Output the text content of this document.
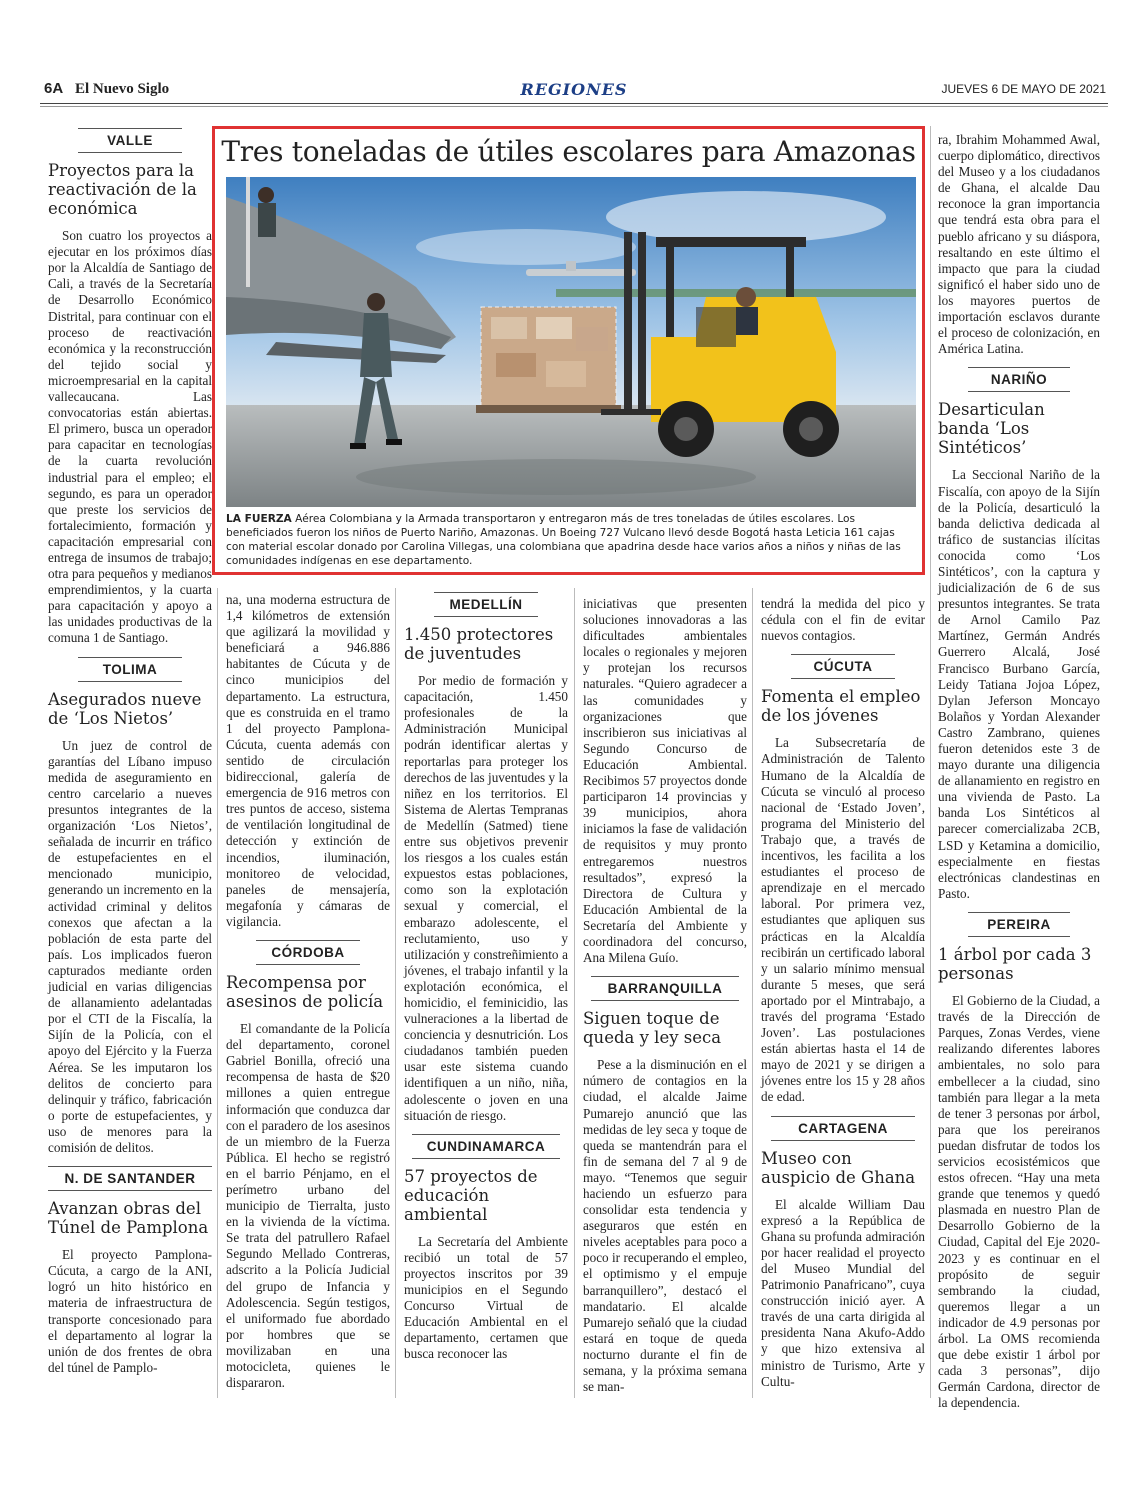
6A El Nuevo Siglo	REGIONES	JUEVES 6 DE MAYO DE 2021
Tres toneladas de útiles escolares para Amazonas
LA FUERZA Aérea Colombiana y la Armada transportaron y entregaron más de tres toneladas de útiles escolares. Los beneficiados fueron los niños de Puerto Nariño, Amazonas. Un Boeing 727 Vulcano llevó desde Bogotá hasta Leticia 161 cajas con material escolar donado por Carolina Villegas, una colombiana que apadrina desde hace varios años a niños y niñas de las comunidades indígenas en ese departamento.
VALLE
Proyectos para la reactivación de la económica

Son cuatro los proyectos a ejecutar en los próximos días por la Alcaldía de Santiago de Cali, a través de la Secretaría de Desarrollo Económico Distrital, para continuar con el proceso de reactivación económica y la reconstrucción del tejido social y microempresarial en la capital vallecaucana. Las convocatorias están abiertas. El primero, busca un operador para capacitar en tecnologías de la cuarta revolución industrial para el empleo; el segundo, es para un operador que preste los servicios de fortalecimiento, formación y capacitación empresarial con entrega de insumos de trabajo; otra para pequeños y medianos emprendimientos, y la cuarta para capacitación y apoyo a las unidades productivas de la comuna 1 de Santiago.

TOLIMA
Asegurados nueve de ‘Los Nietos’

Un juez de control de garantías del Líbano impuso medida de aseguramiento en centro carcelario a nueves presuntos integrantes de la organización ‘Los Nietos’, señalada de incurrir en tráfico de estupefacientes en el mencionado municipio, generando un incremento en la actividad criminal y delitos conexos que afectan a la población de esta parte del país. Los implicados fueron capturados mediante orden judicial en varias diligencias de allanamiento adelantadas por el CTI de la Fiscalía, la Sijín de la Policía, con el apoyo del Ejército y la Fuerza Aérea. Se les imputaron los delitos de concierto para delinquir y tráfico, fabricación o porte de estupefacientes, y uso de menores para la comisión de delitos.

N. DE SANTANDER
Avanzan obras del Túnel de Pamplona

El proyecto Pamplona-Cúcuta, a cargo de la ANI, logró un hito histórico en materia de infraestructura de transporte concesionado para el departamento al lograr la unión de dos frentes de obra del túnel de Pamplo-

na, una moderna estructura de 1,4 kilómetros de extensión que agilizará la movilidad y beneficiará a 946.886 habitantes de Cúcuta y de cinco municipios del departamento. La estructura, que es construida en el tramo 1 del proyecto Pamplona-Cúcuta, cuenta además con sentido de circulación bidireccional, galería de emergencia de 916 metros con tres puntos de acceso, sistema de ventilación longitudinal de detección y extinción de incendios, iluminación, monitoreo de velocidad, paneles de mensajería, megafonía y cámaras de vigilancia.

CÓRDOBA
Recompensa por asesinos de policía

El comandante de la Policía del departamento, coronel Gabriel Bonilla, ofreció una recompensa de hasta de $20 millones a quien entregue información que conduzca dar con el paradero de los asesinos de un miembro de la Fuerza Pública. El hecho se registró en el barrio Pénjamo, en el perímetro urbano del municipio de Tierralta, justo en la vivienda de la víctima. Se trata del patrullero Rafael Segundo Mellado Contreras, adscrito a la Policía Judicial del grupo de Infancia y Adolescencia. Según testigos, el uniformado fue abordado por hombres que se movilizaban en una motocicleta, quienes le dispararon.

MEDELLÍN
1.450 protectores de juventudes

Por medio de formación y capacitación, 1.450 profesionales de la Administración Municipal podrán identificar alertas y reportarlas para proteger los derechos de las juventudes y la niñez en los territorios. El Sistema de Alertas Tempranas de Medellín (Satmed) tiene entre sus objetivos prevenir los riesgos a los cuales están expuestos estas poblaciones, como son la explotación sexual y comercial, el embarazo adolescente, el reclutamiento, uso y utilización y constreñimiento a jóvenes, el trabajo infantil y la explotación económica, el homicidio, el feminicidio, las vulneraciones a la libertad de conciencia y desnutrición. Los ciudadanos también pueden usar este sistema cuando identifiquen a un niño, niña, adolescente o joven en una situación de riesgo.

CUNDINAMARCA
57 proyectos de educación ambiental

La Secretaría del Ambiente recibió un total de 57 proyectos inscritos por 39 municipios en el Segundo Concurso Virtual de Educación Ambiental en el departamento, certamen que busca reconocer las

iniciativas que presenten soluciones innovadoras a las dificultades ambientales locales o regionales y mejoren y protejan los recursos naturales. “Quiero agradecer a las comunidades y organizaciones que inscribieron sus iniciativas al Segundo Concurso de Educación Ambiental. Recibimos 57 proyectos donde participaron 14 provincias y 39 municipios, ahora iniciamos la fase de validación de requisitos y muy pronto entregaremos nuestros resultados”, expresó la Directora de Cultura y Educación Ambiental de la Secretaría del Ambiente y coordinadora del concurso, Ana Milena Guío.

BARRANQUILLA
Siguen toque de queda y ley seca

Pese a la disminución en el número de contagios en la ciudad, el alcalde Jaime Pumarejo anunció que las medidas de ley seca y toque de queda se mantendrán para el fin de semana del 7 al 9 de mayo. “Tenemos que seguir haciendo un esfuerzo para consolidar esta tendencia y aseguraros que estén en niveles aceptables para poco a poco ir recuperando el empleo, el optimismo y el empuje barranquillero”, destacó el mandatario. El alcalde Pumarejo señaló que la ciudad estará en toque de queda nocturno durante el fin de semana, y la próxima semana se man-

tendrá la medida del pico y cédula con el fin de evitar nuevos contagios.

CÚCUTA
Fomenta el empleo de los jóvenes

La Subsecretaría de Administración de Talento Humano de la Alcaldía de Cúcuta se vinculó al proceso nacional de ‘Estado Joven’, programa del Ministerio del Trabajo que, a través de incentivos, les facilita a los estudiantes el proceso de aprendizaje en el mercado laboral. Por primera vez, estudiantes que apliquen sus prácticas en la Alcaldía recibirán un certificado laboral y un salario mínimo mensual durante 5 meses, que será aportado por el Mintrabajo, a través del programa ‘Estado Joven’. Las postulaciones están abiertas hasta el 14 de mayo de 2021 y se dirigen a jóvenes entre los 15 y 28 años de edad.

CARTAGENA
Museo con auspicio de Ghana

El alcalde William Dau expresó a la República de Ghana su profunda admiración por hacer realidad el proyecto del Museo Mundial del Patrimonio Panafricano”, cuya construcción inició ayer. A través de una carta dirigida al presidenta Nana Akufo-Addo y que hizo extensiva al ministro de Turismo, Arte y Cultu-

ra, Ibrahim Mohammed Awal, cuerpo diplomático, directivos del Museo y a los ciudadanos de Ghana, el alcalde Dau reconoce la gran importancia que tendrá esta obra para el pueblo africano y su diáspora, resaltando en este último el impacto que para la ciudad significó el haber sido uno de los mayores puertos de importación esclavos durante el proceso de colonización, en América Latina.

NARIÑO
Desarticulan banda ‘Los Sintéticos’

La Seccional Nariño de la Fiscalía, con apoyo de la Sijín de la Policía, desarticuló la banda delictiva dedicada al tráfico de sustancias ilícitas conocida como ‘Los Sintéticos’, con la captura y judicialización de 6 de sus presuntos integrantes. Se trata de Arnol Camilo Paz Martínez, Germán Andrés Guerrero Alcalá, José Francisco Burbano García, Leidy Tatiana Jojoa López, Dylan Jeferson Moncayo Bolaños y Yordan Alexander Castro Zambrano, quienes fueron detenidos este 3 de mayo durante una diligencia de allanamiento en registro en una vivienda de Pasto. La banda Los Sintéticos al parecer comercializaba 2CB, LSD y Ketamina a domicilio, especialmente en fiestas electrónicas clandestinas en Pasto.

PEREIRA
1 árbol por cada 3 personas

El Gobierno de la Ciudad, a través de la Dirección de Parques, Zonas Verdes, viene realizando diferentes labores ambientales, no solo para embellecer a la ciudad, sino también para llegar a la meta de tener 3 personas por árbol, para que los pereiranos puedan disfrutar de todos los servicios ecosistémicos que estos ofrecen. “Hay una meta grande que tenemos y quedó plasmada en nuestro Plan de Desarrollo Gobierno de la Ciudad, Capital del Eje 2020-2023 y es continuar en el propósito de seguir sembrando la ciudad, queremos llegar a un indicador de 4.9 personas por árbol. La OMS recomienda que debe existir 1 árbol por cada 3 personas”, dijo Germán Cardona, director de la dependencia.
